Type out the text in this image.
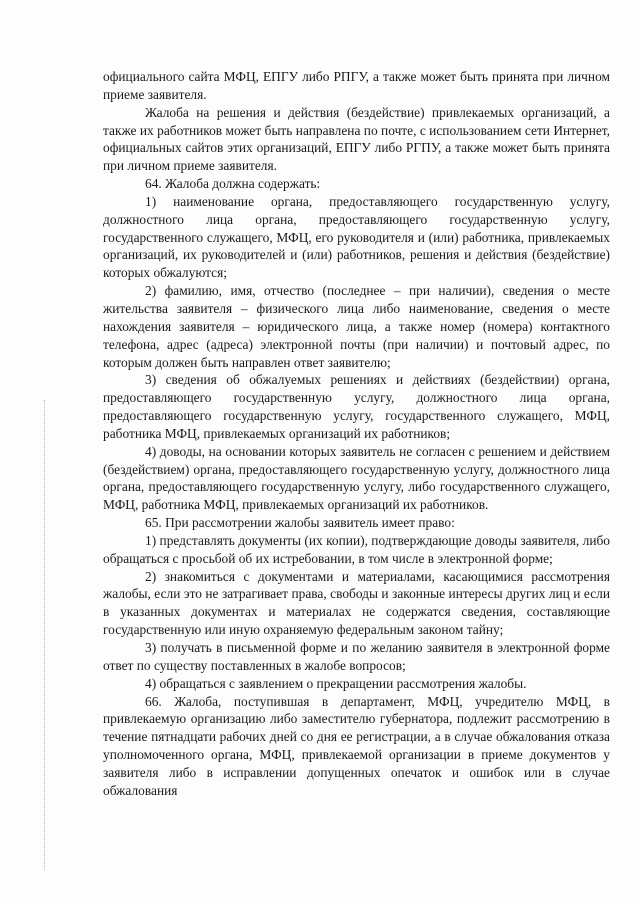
официального сайта МФЦ, ЕПГУ либо РПГУ, а также может быть принята при личном приеме заявителя.

Жалоба на решения и действия (бездействие) привлекаемых организаций, а также их работников может быть направлена по почте, с использованием сети Интернет, официальных сайтов этих организаций, ЕПГУ либо РГПУ, а также может быть принята при личном приеме заявителя.

64. Жалоба должна содержать:

1) наименование органа, предоставляющего государственную услугу, должностного лица органа, предоставляющего государственную услугу, государственного служащего, МФЦ, его руководителя и (или) работника, привлекаемых организаций, их руководителей и (или) работников, решения и действия (бездействие) которых обжалуются;

2) фамилию, имя, отчество (последнее – при наличии), сведения о месте жительства заявителя – физического лица либо наименование, сведения о месте нахождения заявителя – юридического лица, а также номер (номера) контактного телефона, адрес (адреса) электронной почты (при наличии) и почтовый адрес, по которым должен быть направлен ответ заявителю;

3) сведения об обжалуемых решениях и действиях (бездействии) органа, предоставляющего государственную услугу, должностного лица органа, предоставляющего государственную услугу, государственного служащего, МФЦ, работника МФЦ, привлекаемых организаций их работников;

4) доводы, на основании которых заявитель не согласен с решением и действием (бездействием) органа, предоставляющего государственную услугу, должностного лица органа, предоставляющего государственную услугу, либо государственного служащего, МФЦ, работника МФЦ, привлекаемых организаций их работников.

65. При рассмотрении жалобы заявитель имеет право:

1) представлять документы (их копии), подтверждающие доводы заявителя, либо обращаться с просьбой об их истребовании, в том числе в электронной форме;

2) знакомиться с документами и материалами, касающимися рассмотрения жалобы, если это не затрагивает права, свободы и законные интересы других лиц и если в указанных документах и материалах не содержатся сведения, составляющие государственную или иную охраняемую федеральным законом тайну;

3) получать в письменной форме и по желанию заявителя в электронной форме ответ по существу поставленных в жалобе вопросов;

4) обращаться с заявлением о прекращении рассмотрения жалобы.

66. Жалоба, поступившая в департамент, МФЦ, учредителю МФЦ, в привлекаемую организацию либо заместителю губернатора, подлежит рассмотрению в течение пятнадцати рабочих дней со дня ее регистрации, а в случае обжалования отказа уполномоченного органа, МФЦ, привлекаемой организации в приеме документов у заявителя либо в исправлении допущенных опечаток и ошибок или в случае обжалования
